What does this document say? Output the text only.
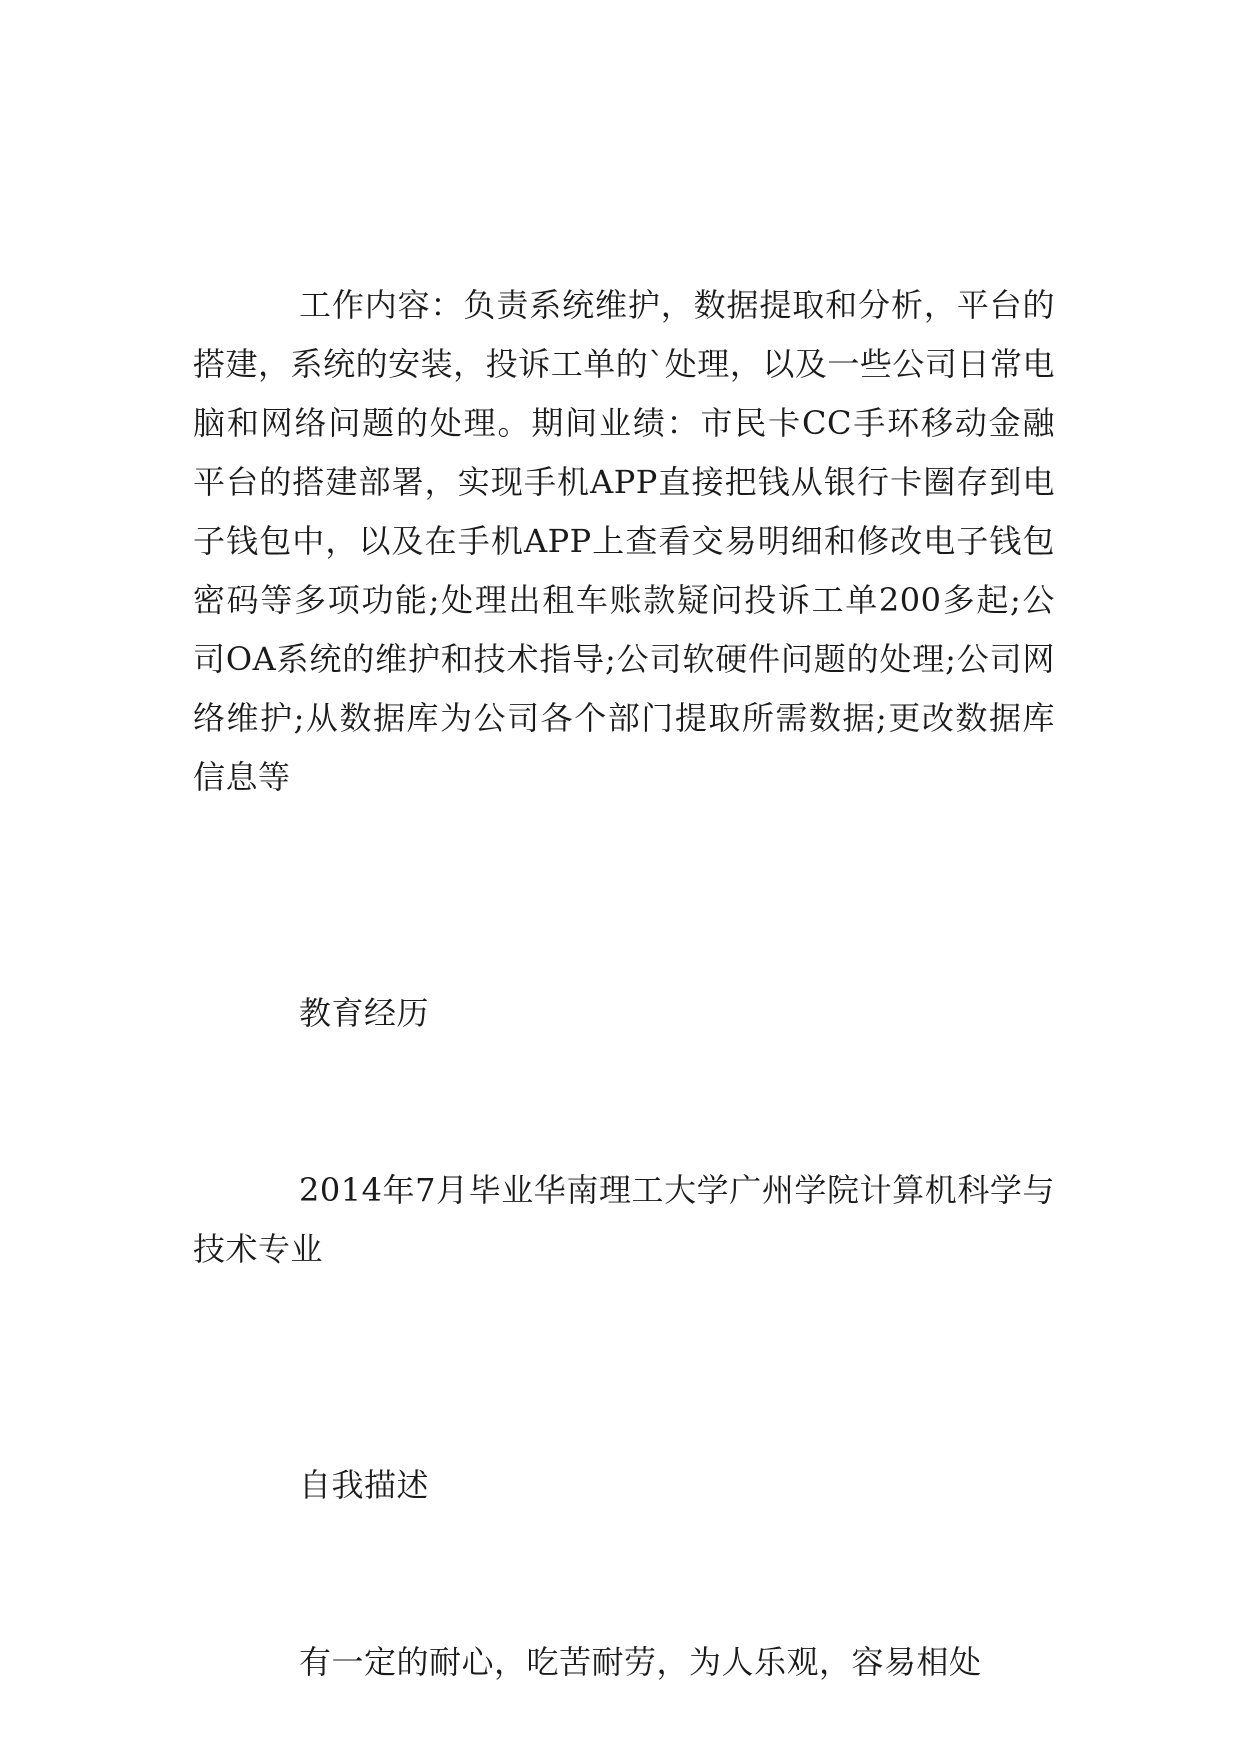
工作内容：负责系统维护，数据提取和分析，平台的搭建，系统的安装，投诉工单的`处理，以及一些公司日常电脑和网络问题的处理。期间业绩：市民卡CC手环移动金融平台的搭建部署，实现手机APP直接把钱从银行卡圈存到电子钱包中，以及在手机APP上查看交易明细和修改电子钱包密码等多项功能;处理出租车账款疑问投诉工单200多起;公司OA系统的维护和技术指导;公司软硬件问题的处理;公司网络维护;从数据库为公司各个部门提取所需数据;更改数据库信息等

教育经历

2014年7月毕业华南理工大学广州学院计算机科学与技术专业

自我描述

有一定的耐心，吃苦耐劳，为人乐观，容易相处
